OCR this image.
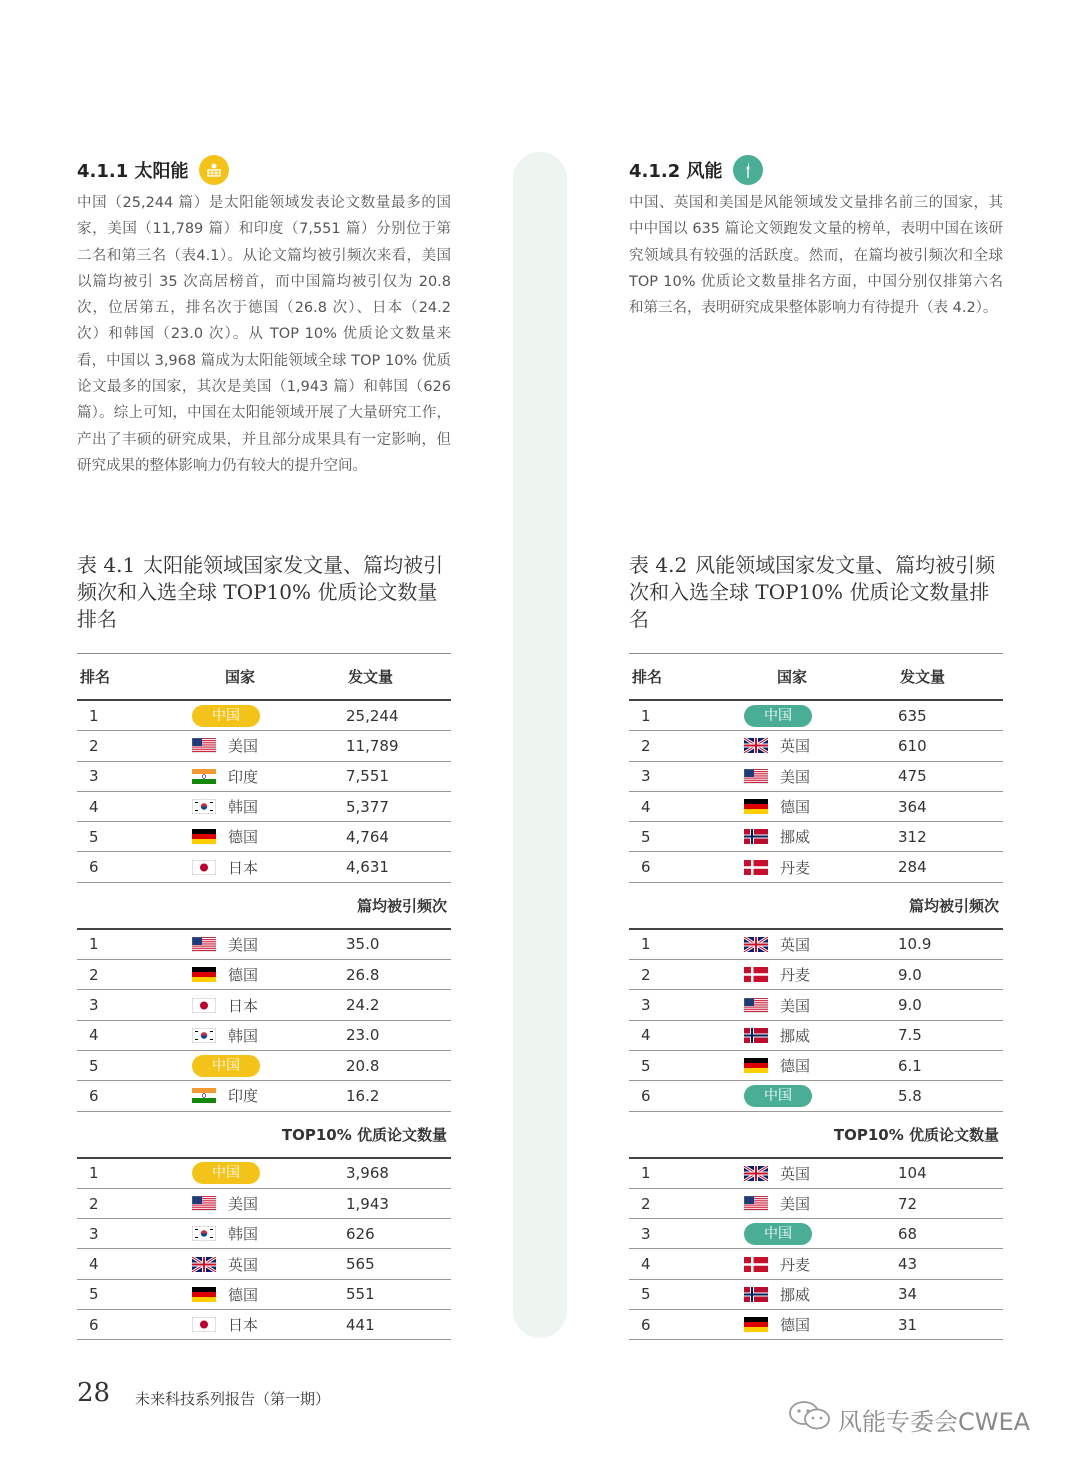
4.1.1 太阳能

中国（25,244 篇）是太阳能领域发表论文数量最多的国家，美国（11,789 篇）和印度（7,551 篇）分别位于第二名和第三名（表4.1）。从论文篇均被引频次来看，美国以篇均被引 35 次高居榜首，而中国篇均被引仅为 20.8 次，位居第五，排名次于德国（26.8 次）、日本（24.2 次）和韩国（23.0 次）。从 TOP 10% 优质论文数量来看，中国以 3,968 篇成为太阳能领域全球 TOP 10% 优质论文最多的国家，其次是美国（1,943 篇）和韩国（626 篇）。综上可知，中国在太阳能领域开展了大量研究工作，产出了丰硕的研究成果，并且部分成果具有一定影响，但研究成果的整体影响力仍有较大的提升空间。

4.1.2 风能

中国、英国和美国是风能领域发文量排名前三的国家，其中中国以 635 篇论文领跑发文量的榜单，表明中国在该研究领域具有较强的活跃度。然而，在篇均被引频次和全球 TOP 10% 优质论文数量排名方面，中国分别仅排第六名和第三名，表明研究成果整体影响力有待提升（表 4.2）。

表 4.1 太阳能领域国家发文量、篇均被引频次和入选全球 TOP10% 优质论文数量排名
表 4.2 风能领域国家发文量、篇均被引频次和入选全球 TOP10% 优质论文数量排名
排名	国家	发文量
1	中国	25,244
2	美国	11,789
3	印度	7,551
4	韩国	5,377
5	德国	4,764
6	日本	4,631
篇均被引频次
1	美国	35.0
2	德国	26.8
3	日本	24.2
4	韩国	23.0
5	中国	20.8
6	印度	16.2
TOP10% 优质论文数量
1	中国	3,968
2	美国	1,943
3	韩国	626
4	英国	565
5	德国	551
6	日本	441
排名	国家	发文量
1	中国	635
2	英国	610
3	美国	475
4	德国	364
5	挪威	312
6	丹麦	284
篇均被引频次
1	英国	10.9
2	丹麦	9.0
3	美国	9.0
4	挪威	7.5
5	德国	6.1
6	中国	5.8
TOP10% 优质论文数量
1	英国	104
2	美国	72
3	中国	68
4	丹麦	43
5	挪威	34
6	德国	31
28 未来科技系列报告（第一期）
风能专委会CWEA
